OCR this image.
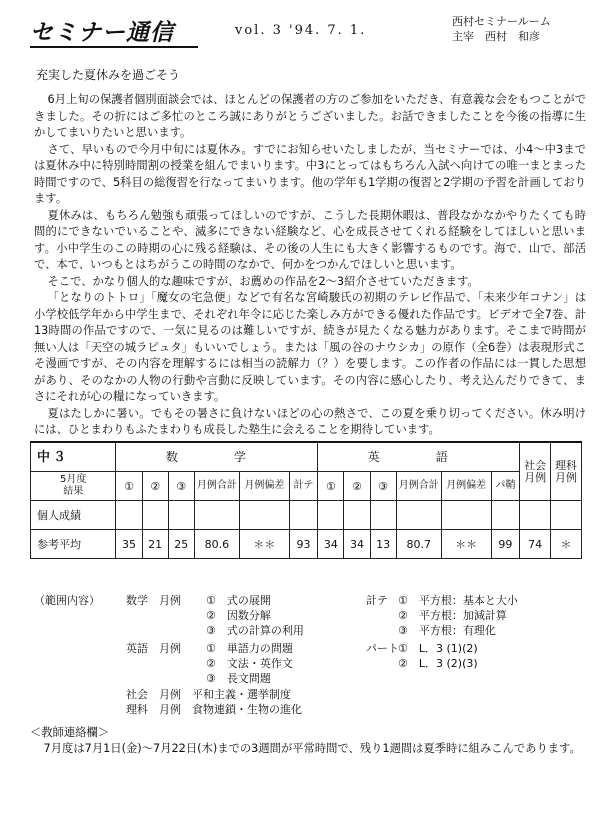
セミナー通信	vol. 3 '94. 7. 1.
西村セミナールーム
主宰　西村　和彦
充実した夏休みを過ごそう

6月上旬の保護者個別面談会では、ほとんどの保護者の方のご参加をいただき、有意義な会をもつことができました。その折にはご多忙のところ誠にありがとうございました。お話できましたことを今後の指導に生かしてまいりたいと思います。

さて、早いもので今月中旬には夏休み。すでにお知らせいたしましたが、当セミナーでは、小4～中3までは夏休み中に特別時間割の授業を組んでまいります。中3にとってはもちろん入試へ向けての唯一まとまった時間ですので、5科目の総復習を行なってまいります。他の学年も1学期の復習と2学期の予習を計画しております。

夏休みは、もちろん勉強も頑張ってほしいのですが、こうした長期休暇は、普段なかなかやりたくても時間的にできないでいることや、滅多にできない経験など、心を成長させてくれる経験をしてほしいと思います。小中学生のこの時期の心に残る経験は、その後の人生にも大きく影響するものです。海で、山で、部活で、本で、いつもとはちがうこの時間のなかで、何かをつかんでほしいと思います。

そこで、かなり個人的な趣味ですが、お薦めの作品を2～3紹介させていただきます。

「となりのトトロ」「魔女の宅急便」などで有名な宮崎駿氏の初期のテレビ作品で、「未来少年コナン」は小学校低学年から中学生まで、それぞれ年令に応じた楽しみ方ができる優れた作品です。ビデオで全7巻、計13時間の作品ですので、一気に見るのは難しいですが、続きが見たくなる魅力があります。そこまで時間が無い人は「天空の城ラピュタ」もいいでしょう。または「風の谷のナウシカ」の原作（全6巻）は表現形式こそ漫画ですが、その内容を理解するには相当の読解力（？）を要します。この作者の作品には一貫した思想があり、そのなかの人物の行動や言動に反映しています。その内容に感心したり、考え込んだりできて、まさにそれが心の糧になっていきます。

夏はたしかに暑い。でもその暑さに負けないほどの心の熱さで、この夏を乗り切ってください。休み明けには、ひとまわりもふたまわりも成長した塾生に会えることを期待しています。

中３	数　学						英　語						社会月例	理科月例

5月度
結果	①	②	③	月例合計	月例偏差	計テ	①	②	③	月例合計	月例偏差	パ鞘		
個人成績														
参考平均	35	21	25	80.6	＊＊	93	34	34	13	80.7	＊＊	99	74	＊
（範囲内容） 数学　月例 ①　式の展開
②　因数分解
③　式の計算の利用
計テ ①　平方根：基本と大小
②　平方根：加減計算
③　平方根：有理化
英語　月例 ①　単語力の問題
②　文法・英作文
③　長文問題
パート ①　L．3 (1)(2)
②　L．3 (2)(3)
社会　月例　平和主義・選挙制度
理科　月例　食物連鎖・生物の進化
＜教師連絡欄＞

7月度は7月1日(金)～7月22日(木)までの3週間が平常時間で、残り1週間は夏季時に組みこんであります。
